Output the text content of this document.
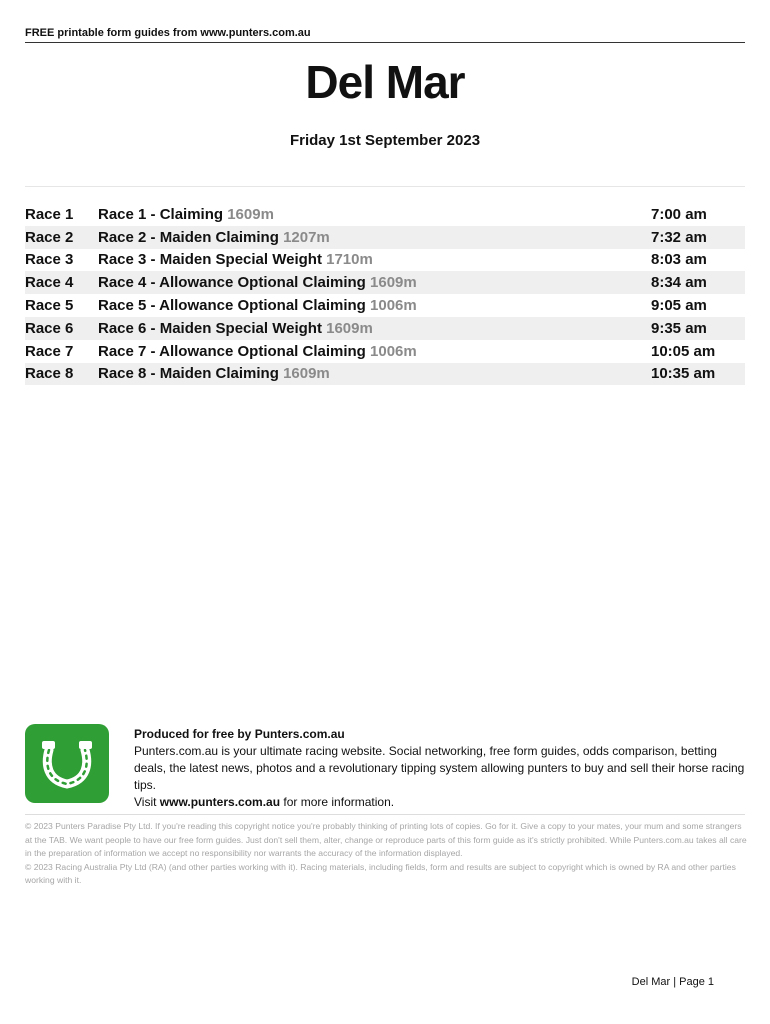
FREE printable form guides from www.punters.com.au
Del Mar
Friday 1st September 2023
Race 1	Race 1 - Claiming 1609m	7:00 am
Race 2	Race 2 - Maiden Claiming 1207m	7:32 am
Race 3	Race 3 - Maiden Special Weight 1710m	8:03 am
Race 4	Race 4 - Allowance Optional Claiming 1609m	8:34 am
Race 5	Race 5 - Allowance Optional Claiming 1006m	9:05 am
Race 6	Race 6 - Maiden Special Weight 1609m	9:35 am
Race 7	Race 7 - Allowance Optional Claiming 1006m	10:05 am
Race 8	Race 8 - Maiden Claiming 1609m	10:35 am
Produced for free by Punters.com.au
Punters.com.au is your ultimate racing website. Social networking, free form guides, odds comparison, betting deals, the latest news, photos and a revolutionary tipping system allowing punters to buy and sell their horse racing tips.
Visit www.punters.com.au for more information.
© 2023 Punters Paradise Pty Ltd. If you're reading this copyright notice you're probably thinking of printing lots of copies. Go for it. Give a copy to your mates, your mum and some strangers at the TAB. We want people to have our free form guides. Just don't sell them, alter, change or reproduce parts of this form guide as it's strictly prohibited. While Punters.com.au takes all care in the preparation of information we accept no responsibility nor warrants the accuracy of the information displayed.
© 2023 Racing Australia Pty Ltd (RA) (and other parties working with it). Racing materials, including fields, form and results are subject to copyright which is owned by RA and other parties working with it.
Del Mar | Page 1
